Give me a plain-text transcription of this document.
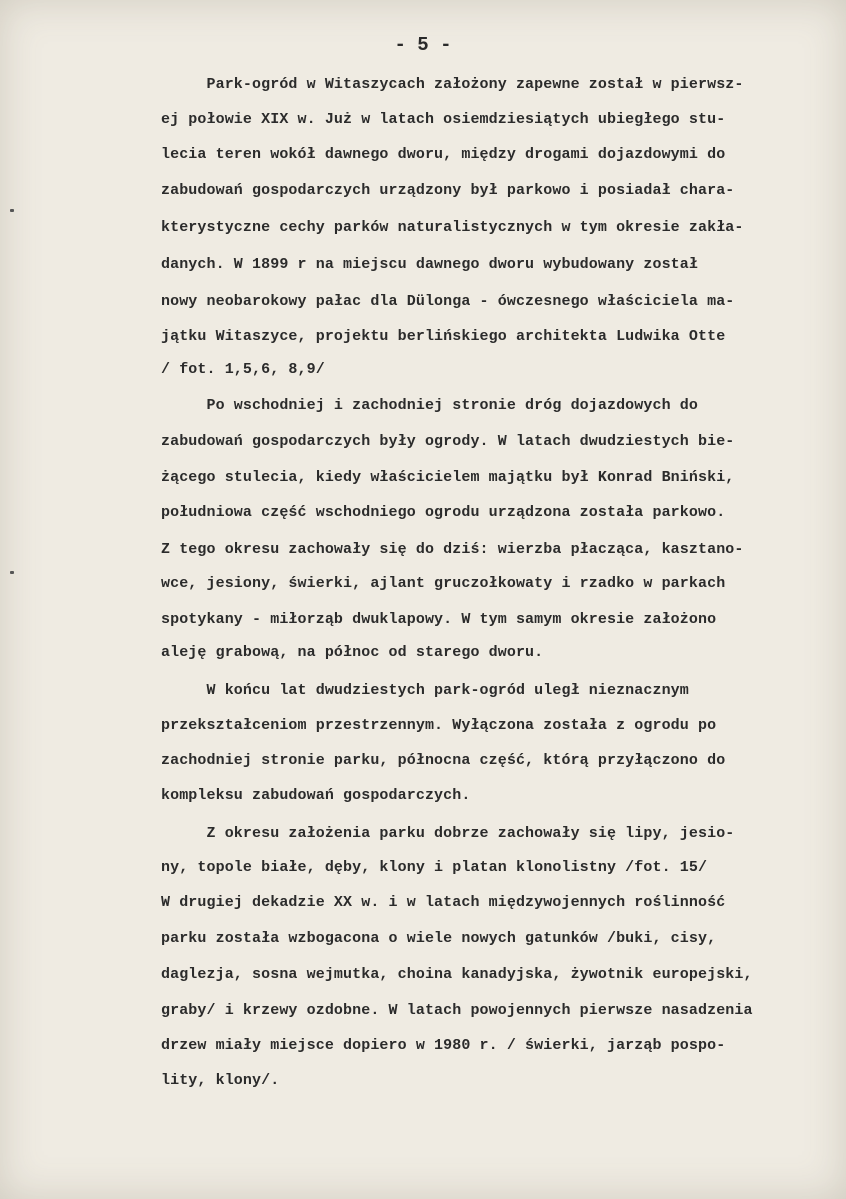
- 5 -
Park-ogród w Witaszycach założony zapewne został w pierwsz-
ej połowie XIX w. Już w latach osiemdziesiątych ubiegłego stu-
lecia teren wokół dawnego dworu, między drogami dojazdowymi do
zabudowań gospodarczych urządzony był parkowo i posiadał chara-
kterystyczne cechy parków naturalistycznych w tym okresie zakła-
danych. W 1899 r na miejscu dawnego dworu wybudowany został
nowy neobarokowy pałac dla Dülonga - ówczesnego właściciela ma-
jątku Witaszyce, projektu berlińskiego architekta Ludwika Otte
/ fot. 1,5,6, 8,9/
Po wschodniej i zachodniej stronie dróg dojazdowych do
zabudowań gospodarczych były ogrody. W latach dwudziestych bie-
żącego stulecia, kiedy właścicielem majątku był Konrad Bniński,
południowa część wschodniego ogrodu urządzona została parkowo.
Z tego okresu zachowały się do dziś: wierzba płacząca, kasztano-
wce, jesiony, świerki, ajlant gruczołkowaty i rzadko w parkach
spotykany - miłorząb dwuklapowy. W tym samym okresie założono
aleję grabową, na północ od starego dworu.
W końcu lat dwudziestych park-ogród uległ nieznacznym
przekształceniom przestrzennym. Wyłączona została z ogrodu po
zachodniej stronie parku, północna część, którą przyłączono do
kompleksu zabudowań gospodarczych.
Z okresu założenia parku dobrze zachowały się lipy, jesio-
ny, topole białe, dęby, klony i platan klonolistny /fot. 15/
W drugiej dekadzie XX w. i w latach międzywojennych roślinność
parku została wzbogacona o wiele nowych gatunków /buki, cisy,
daglezja, sosna wejmutka, choina kanadyjska, żywotnik europejski,
graby/ i krzewy ozdobne. W latach powojennych pierwsze nasadzenia
drzew miały miejsce dopiero w 1980 r. / świerki, jarząb pospo-
lity, klony/.
